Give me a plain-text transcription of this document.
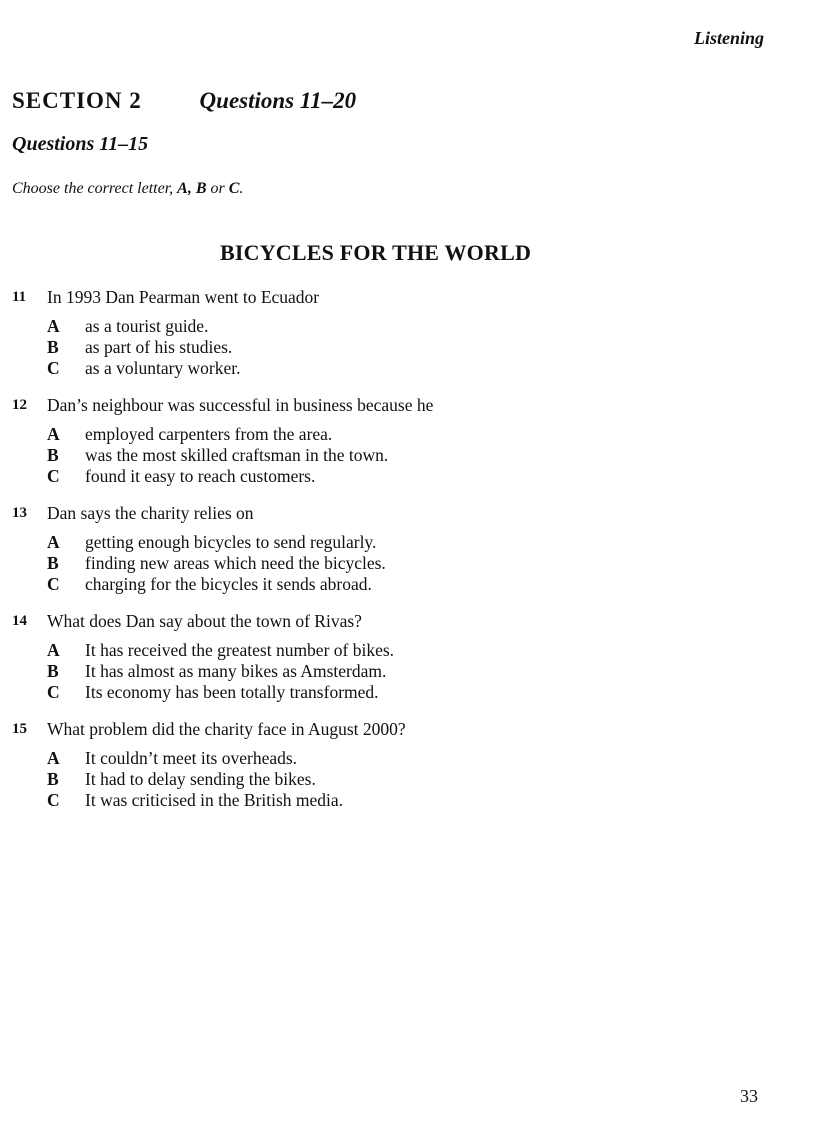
Listening
SECTION 2	Questions 11–20
Questions 11–15
Choose the correct letter, A, B or C.
BICYCLES FOR THE WORLD
11	In 1993 Dan Pearman went to Ecuador
A	as a tourist guide.
B	as part of his studies.
C	as a voluntary worker.
12	Dan’s neighbour was successful in business because he
A	employed carpenters from the area.
B	was the most skilled craftsman in the town.
C	found it easy to reach customers.
13	Dan says the charity relies on
A	getting enough bicycles to send regularly.
B	finding new areas which need the bicycles.
C	charging for the bicycles it sends abroad.
14	What does Dan say about the town of Rivas?
A	It has received the greatest number of bikes.
B	It has almost as many bikes as Amsterdam.
C	Its economy has been totally transformed.
15	What problem did the charity face in August 2000?
A	It couldn’t meet its overheads.
B	It had to delay sending the bikes.
C	It was criticised in the British media.
33
